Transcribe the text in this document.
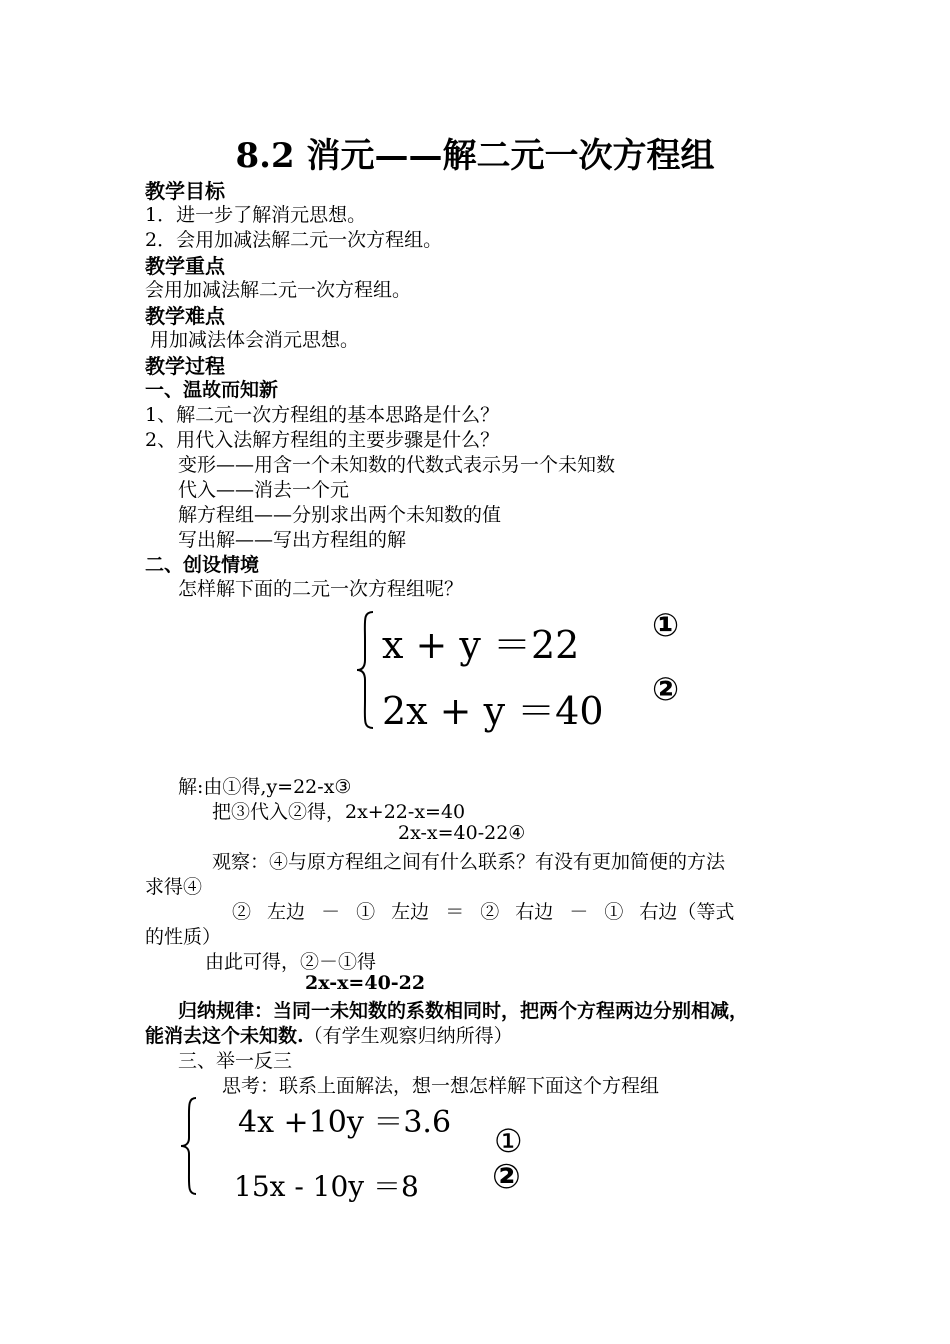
8.2 消元——解二元一次方程组
教学目标
1．进一步了解消元思想。
2．会用加减法解二元一次方程组。
教学重点
会用加减法解二元一次方程组。
教学难点
用加减法体会消元思想。
教学过程
一、温故而知新
1、解二元一次方程组的基本思路是什么？
2、用代入法解方程组的主要步骤是什么？
变形——用含一个未知数的代数式表示另一个未知数
代入——消去一个元
解方程组——分别求出两个未知数的值
写出解——写出方程组的解
二、创设情境
怎样解下面的二元一次方程组呢？
x + y ＝22
2x + y ＝40
①
②
解:由①得,y=22-x③
把③代入②得，2x+22-x=40
2x-x=40-22④
观察：④与原方程组之间有什么联系？有没有更加简便的方法
求得④
② 左边 － ① 左边 ＝ ② 右边 － ① 右边（等式
的性质）
由此可得，②－①得
2x-x=40-22
归纳规律：当同一未知数的系数相同时，把两个方程两边分别相减，
能消去这个未知数.（有学生观察归纳所得）
三、举一反三
思考：联系上面解法，想一想怎样解下面这个方程组
4x +10y ＝3.6
15x - 10y ＝8
①
②
